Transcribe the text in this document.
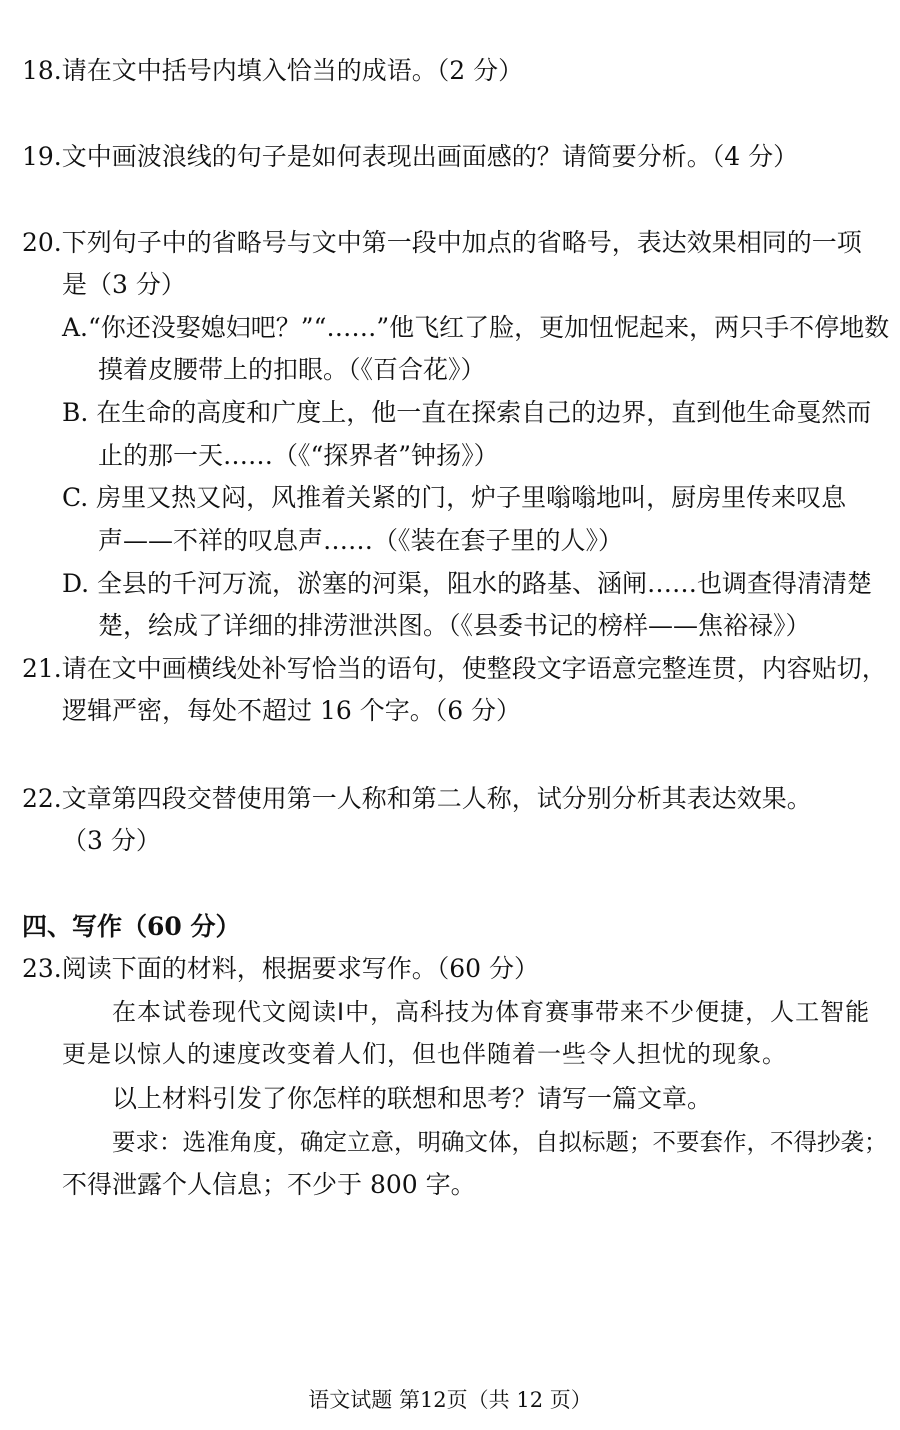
18.请在文中括号内填入恰当的成语。（2 分）
19.文中画波浪线的句子是如何表现出画面感的？请简要分析。（4 分）
20.下列句子中的省略号与文中第一段中加点的省略号，表达效果相同的一项
是（3 分）
A.“你还没娶媳妇吧？”“……”他飞红了脸，更加忸怩起来，两只手不停地数
摸着皮腰带上的扣眼。（《百合花》）
B. 在生命的高度和广度上，他一直在探索自己的边界，直到他生命戛然而
止的那一天……（《“探界者”钟扬》）
C. 房里又热又闷，风推着关紧的门，炉子里嗡嗡地叫，厨房里传来叹息
声——不祥的叹息声……（《装在套子里的人》）
D. 全县的千河万流，淤塞的河渠，阻水的路基、涵闸……也调查得清清楚
楚，绘成了详细的排涝泄洪图。（《县委书记的榜样——焦裕禄》）
21.请在文中画横线处补写恰当的语句，使整段文字语意完整连贯，内容贴切，
逻辑严密，每处不超过 16 个字。（6 分）
22.文章第四段交替使用第一人称和第二人称，试分别分析其表达效果。
（3 分）
四、写作（60 分）
23.阅读下面的材料，根据要求写作。（60 分）
在本试卷现代文阅读Ⅰ中，高科技为体育赛事带来不少便捷，人工智能
更是以惊人的速度改变着人们，但也伴随着一些令人担忧的现象。
以上材料引发了你怎样的联想和思考？请写一篇文章。
要求：选准角度，确定立意，明确文体，自拟标题；不要套作，不得抄袭；
不得泄露个人信息；不少于 800 字。
语文试题 第12页（共 12 页）
